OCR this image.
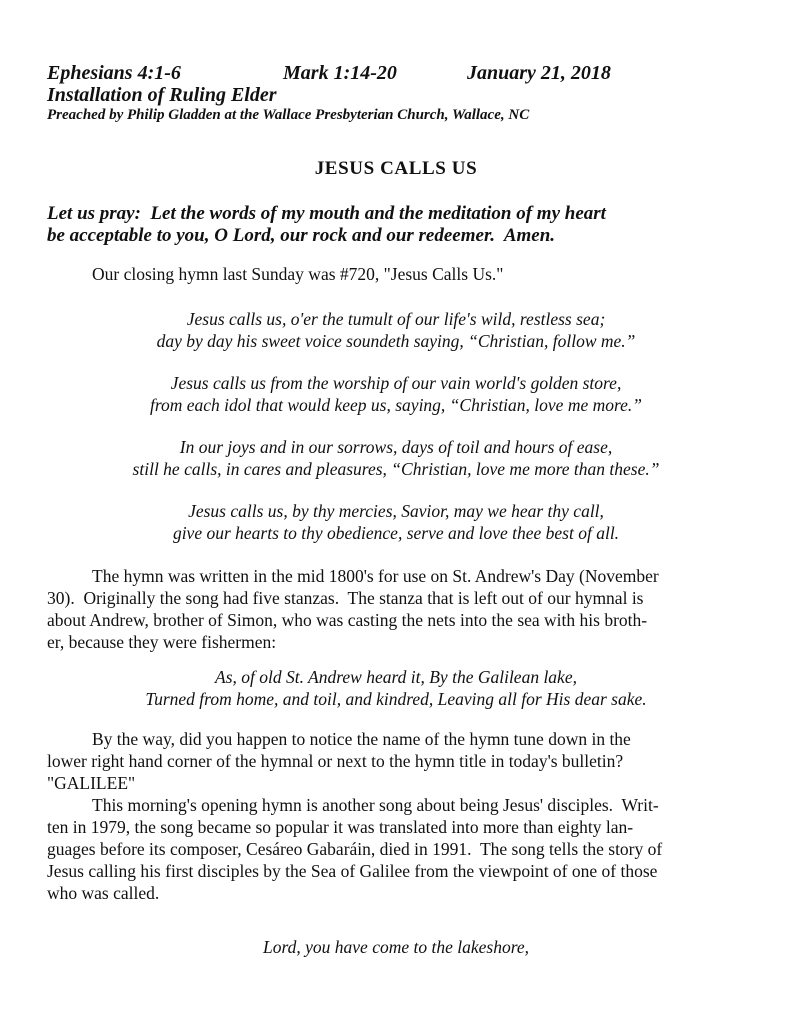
Ephesians 4:1-6	Mark 1:14-20	January 21, 2018
Installation of Ruling Elder
Preached by Philip Gladden at the Wallace Presbyterian Church, Wallace, NC
JESUS CALLS US
Let us pray:  Let the words of my mouth and the meditation of my heart
be acceptable to you, O Lord, our rock and our redeemer.  Amen.
Our closing hymn last Sunday was #720, "Jesus Calls Us."
Jesus calls us, o'er the tumult of our life's wild, restless sea;
day by day his sweet voice soundeth saying, “Christian, follow me.”
Jesus calls us from the worship of our vain world's golden store,
from each idol that would keep us, saying, “Christian, love me more.”
In our joys and in our sorrows, days of toil and hours of ease,
still he calls, in cares and pleasures, “Christian, love me more than these.”
Jesus calls us, by thy mercies, Savior, may we hear thy call,
give our hearts to thy obedience, serve and love thee best of all.
The hymn was written in the mid 1800's for use on St. Andrew's Day (November
30).  Originally the song had five stanzas.  The stanza that is left out of our hymnal is
about Andrew, brother of Simon, who was casting the nets into the sea with his broth-
er, because they were fishermen:
As, of old St. Andrew heard it, By the Galilean lake,
Turned from home, and toil, and kindred, Leaving all for His dear sake.
By the way, did you happen to notice the name of the hymn tune down in the
lower right hand corner of the hymnal or next to the hymn title in today's bulletin?
"GALILEE"
This morning's opening hymn is another song about being Jesus' disciples.  Writ-
ten in 1979, the song became so popular it was translated into more than eighty lan-
guages before its composer, Cesáreo Gabaráin, died in 1991.  The song tells the story of
Jesus calling his first disciples by the Sea of Galilee from the viewpoint of one of those
who was called.
Lord, you have come to the lakeshore,
